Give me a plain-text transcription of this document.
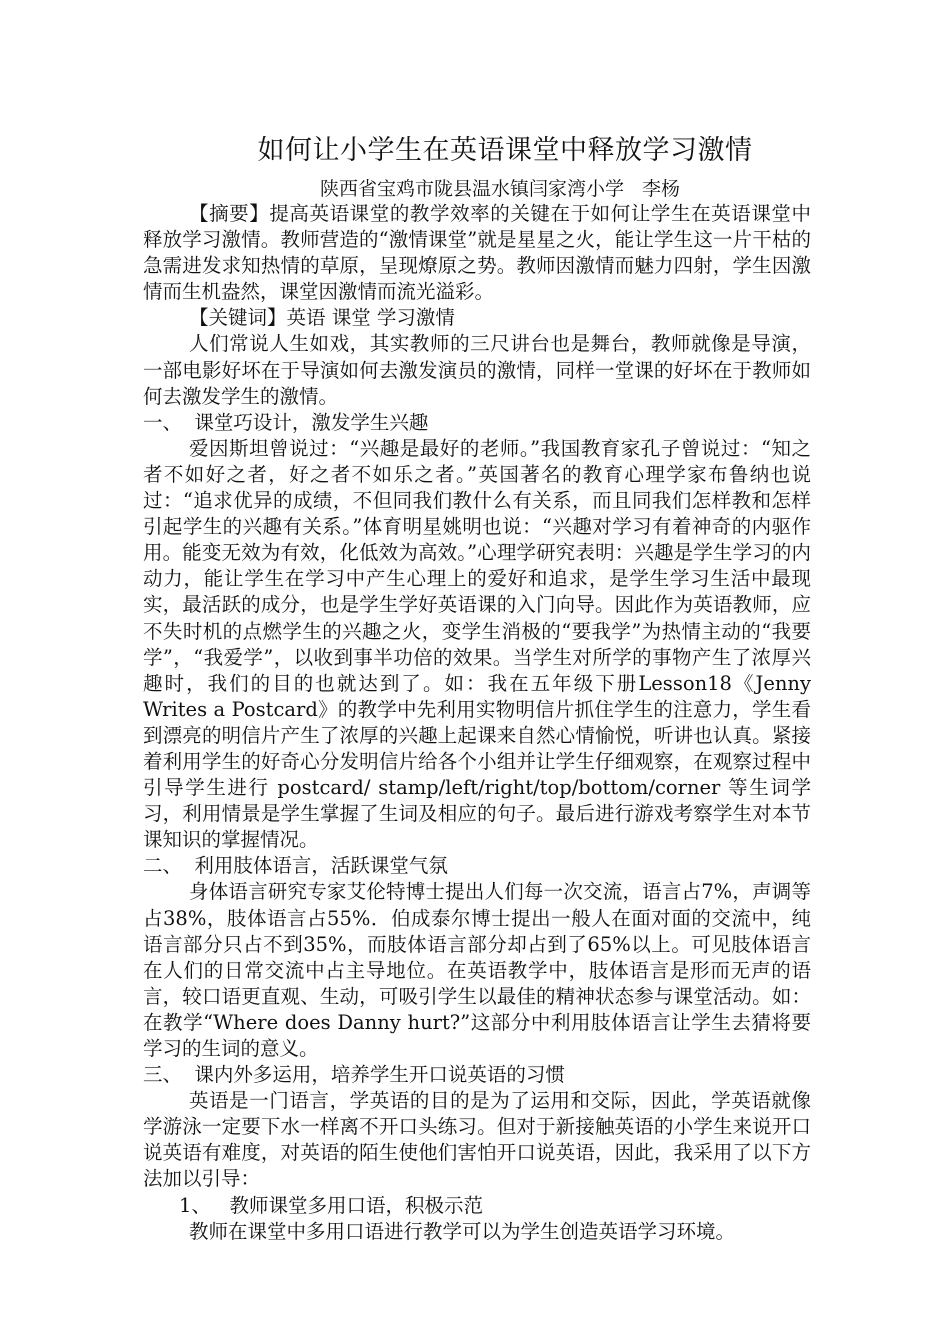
如何让小学生在英语课堂中释放学习激情
陕西省宝鸡市陇县温水镇闫家湾小学   李杨

【摘要】提高英语课堂的教学效率的关键在于如何让学生在英语课堂中释放学习激情。教师营造的“激情课堂”就是星星之火，能让学生这一片干枯的急需进发求知热情的草原，呈现燎原之势。教师因激情而魅力四射，学生因激情而生机盎然，课堂因激情而流光溢彩。

【关键词】英语 课堂 学习激情

人们常说人生如戏，其实教师的三尺讲台也是舞台，教师就像是导演，一部电影好坏在于导演如何去激发演员的激情，同样一堂课的好坏在于教师如何去激发学生的激情。

一、  课堂巧设计，激发学生兴趣

爱因斯坦曾说过：“兴趣是最好的老师。”我国教育家孔子曾说过：“知之者不如好之者，好之者不如乐之者。”英国著名的教育心理学家布鲁纳也说过：“追求优异的成绩，不但同我们教什么有关系，而且同我们怎样教和怎样引起学生的兴趣有关系。”体育明星姚明也说：“兴趣对学习有着神奇的内驱作用。能变无效为有效，化低效为高效。”心理学研究表明：兴趣是学生学习的内动力，能让学生在学习中产生心理上的爱好和追求，是学生学习生活中最现实，最活跃的成分，也是学生学好英语课的入门向导。因此作为英语教师，应不失时机的点燃学生的兴趣之火，变学生消极的“要我学”为热情主动的“我要学”，“我爱学”，以收到事半功倍的效果。当学生对所学的事物产生了浓厚兴趣时，我们的目的也就达到了。如：我在五年级下册Lesson18《Jenny Writes a Postcard》的教学中先利用实物明信片抓住学生的注意力，学生看到漂亮的明信片产生了浓厚的兴趣上起课来自然心情愉悦，听讲也认真。紧接着利用学生的好奇心分发明信片给各个小组并让学生仔细观察，在观察过程中引导学生进行 postcard/ stamp/left/right/top/bottom/corner 等生词学习，利用情景是学生掌握了生词及相应的句子。最后进行游戏考察学生对本节课知识的掌握情况。

二、  利用肢体语言，活跃课堂气氛

身体语言研究专家艾伦特博士提出人们每一次交流，语言占7%，声调等占38%，肢体语言占55%．伯成泰尔博士提出一般人在面对面的交流中，纯语言部分只占不到35%，而肢体语言部分却占到了65%以上。可见肢体语言在人们的日常交流中占主导地位。在英语教学中，肢体语言是形而无声的语言，较口语更直观、生动，可吸引学生以最佳的精神状态参与课堂活动。如：在教学“Where does Danny hurt?”这部分中利用肢体语言让学生去猜将要学习的生词的意义。

三、  课内外多运用，培养学生开口说英语的习惯

英语是一门语言，学英语的目的是为了运用和交际，因此，学英语就像学游泳一定要下水一样离不开口头练习。但对于新接触英语的小学生来说开口说英语有难度，对英语的陌生使他们害怕开口说英语，因此，我采用了以下方法加以引导：

1、   教师课堂多用口语，积极示范

教师在课堂中多用口语进行教学可以为学生创造英语学习环境。
